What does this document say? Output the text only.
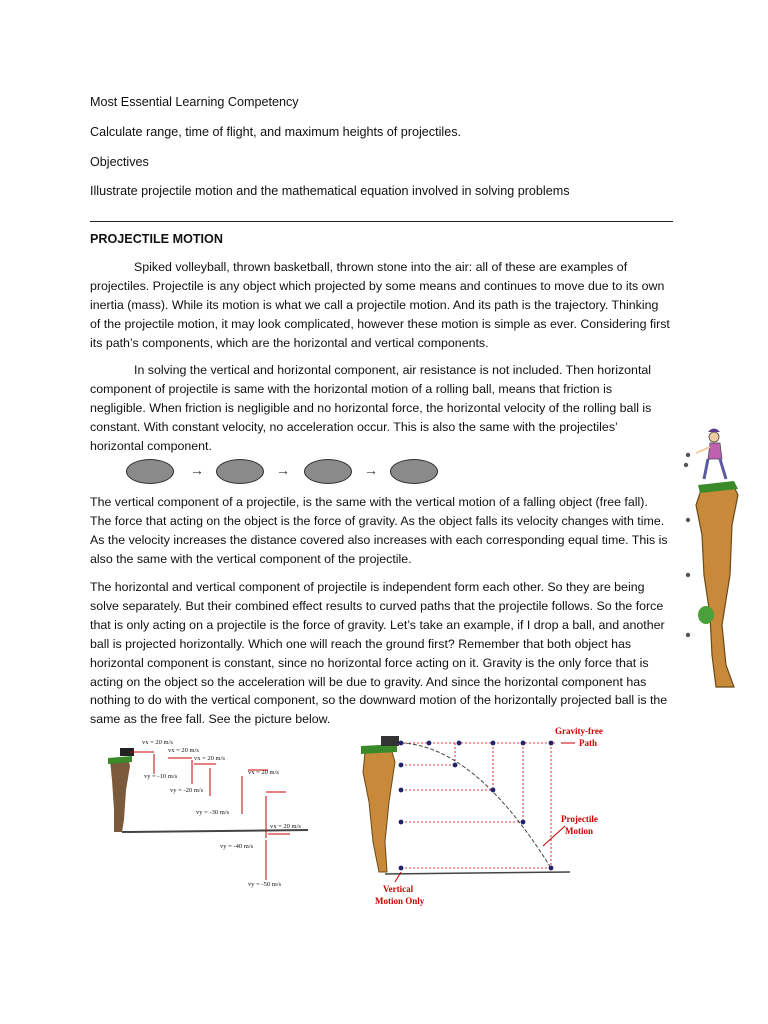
Most Essential Learning Competency
Calculate range, time of flight, and maximum heights of projectiles.
Objectives
Illustrate projectile motion and the mathematical equation involved in solving problems
PROJECTILE MOTION

Spiked volleyball, thrown basketball, thrown stone into the air: all of these are examples of projectiles. Projectile is any object which projected by some means and continues to move due to its own inertia (mass). While its motion is what we call a projectile motion. And its path is the trajectory. Thinking of the projectile motion, it may look complicated, however these motion is simple as ever. Considering first its path’s components, which are the horizontal and vertical components.

In solving the vertical and horizontal component, air resistance is not included. Then horizontal component of projectile is same with the horizontal motion of a rolling ball, means that friction is negligible. When friction is negligible and no horizontal force, the horizontal velocity of the rolling ball is constant. With constant velocity, no acceleration occur. This is also the same with the projectiles’ horizontal component.

→	→	→

The vertical component of a projectile, is the same with the vertical motion of a falling object (free fall). The force that acting on the object is the force of gravity. As the object falls its velocity changes with time. As the velocity increases the distance covered also increases with each corresponding equal time. This is also the same with the vertical component of the projectile.

The horizontal and vertical component of projectile is independent form each other. So they are being solve separately. But their combined effect results to curved paths that the projectile follows. So the force that is only acting on a projectile is the force of gravity. Let’s take an example, if I drop a ball, and another ball is projected horizontally. Which one will reach the ground first? Remember that both object has horizontal component is constant, since no horizontal force acting on it. Gravity is the only force that is acting on the object so the acceleration will be due to gravity. And since the horizontal component has nothing to do with the vertical component, so the downward motion of the horizontally projected ball is the same as the free fall. See the picture below.

vx = 20 m/s
vx = 20 m/s
vy = -10 m/s
vx = 20 m/s
vy = -20 m/s
vx = 20 m/s
vy = -30 m/s
vx = 20 m/s
vy = -40 m/s
vy = -50 m/s
Gravity-free
Path
Projectile
Motion
Vertical
Motion Only
